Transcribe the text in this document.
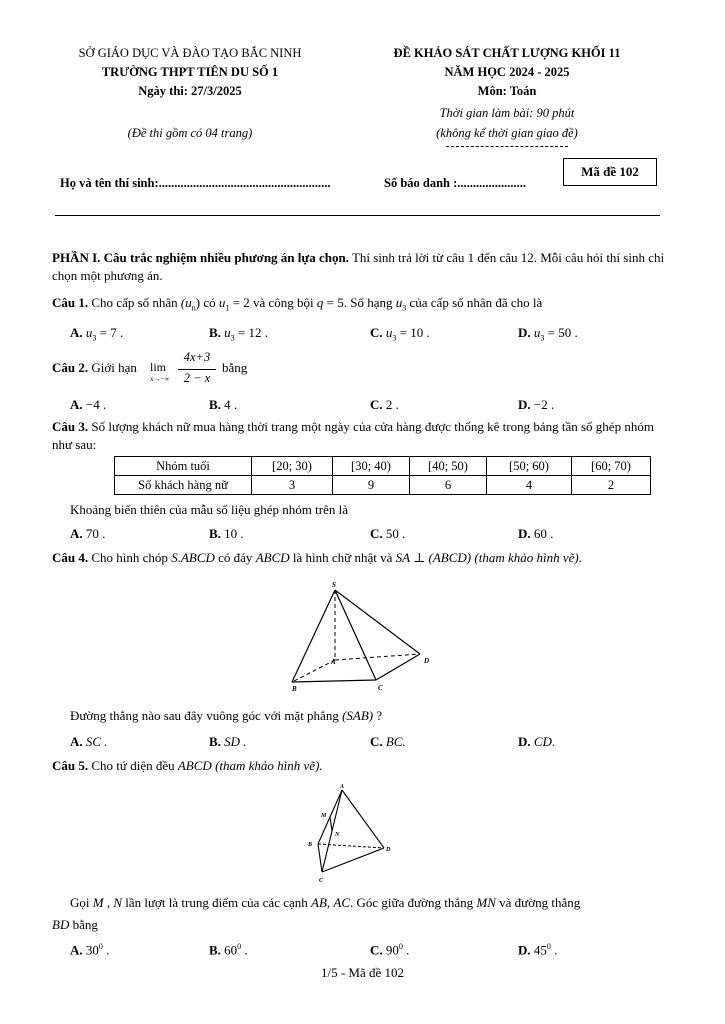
SỞ GIÁO DỤC VÀ ĐÀO TẠO BẮC NINH
TRƯỜNG THPT TIÊN DU SỐ 1
Ngày thi: 27/3/2025
(Đề thi gồm có 04 trang)
ĐỀ KHẢO SÁT CHẤT LƯỢNG KHỐI 11
NĂM HỌC 2024 - 2025
Môn: Toán
Thời gian làm bài: 90 phút
(không kể thời gian giao đề)
Mã đề 102
Họ và tên thí sinh:.......................................................	Số báo danh :......................
PHẦN I. Câu trắc nghiệm nhiều phương án lựa chọn. Thí sinh trả lời từ câu 1 đến câu 12. Mỗi câu hỏi thí sinh chỉ chọn một phương án.
Câu 1. Cho cấp số nhân $(u_n)$ có $u_1 = 2$ và công bội q = 5. Số hạng $u_3$ của cấp số nhân đã cho là
A. $u_3 = 7$ .	B. $u_3 = 12$ .	C. $u_3 = 10$ .	D. $u_3 = 50$ .
Câu 2. Giới hạn lim
x→−∞
4x+3
2 − x
bằng
A. −4 .	B. 4 .	C. 2 .	D. −2 .
Câu 3. Số lượng khách nữ mua hàng thời trang một ngày của cửa hàng được thống kê trong bảng tần số ghép nhóm như sau:
Nhóm tuổi	[20; 30)	[30; 40)	[40; 50)	[50; 60)	[60; 70)
Số khách hàng nữ	3	9	6	4	2
Khoảng biến thiên của mẫu số liệu ghép nhóm trên là
A. 70 .	B. 10 .	C. 50 .	D. 60 .
Câu 4. Cho hình chóp S.ABCD có đáy ABCD là hình chữ nhật và SA ⊥ (ABCD) (tham khảo hình vẽ).
S
A
B	C
D
Đường thẳng nào sau đây vuông góc với mặt phẳng (SAB) ?
A. SC .	B. SD .	C. BC.	D. CD.
Câu 5. Cho tứ diện đều ABCD (tham khảo hình vẽ).
A
B
C
D
M
N
Gọi M , N lần lượt là trung điểm của các cạnh AB, AC. Góc giữa đường thẳng MN và đường thẳng
BD bằng
A. $30^0$ .	B. $60^0$ .	C. $90^0$ .	D. $45^0$ .
1/5 - Mã đề 102
